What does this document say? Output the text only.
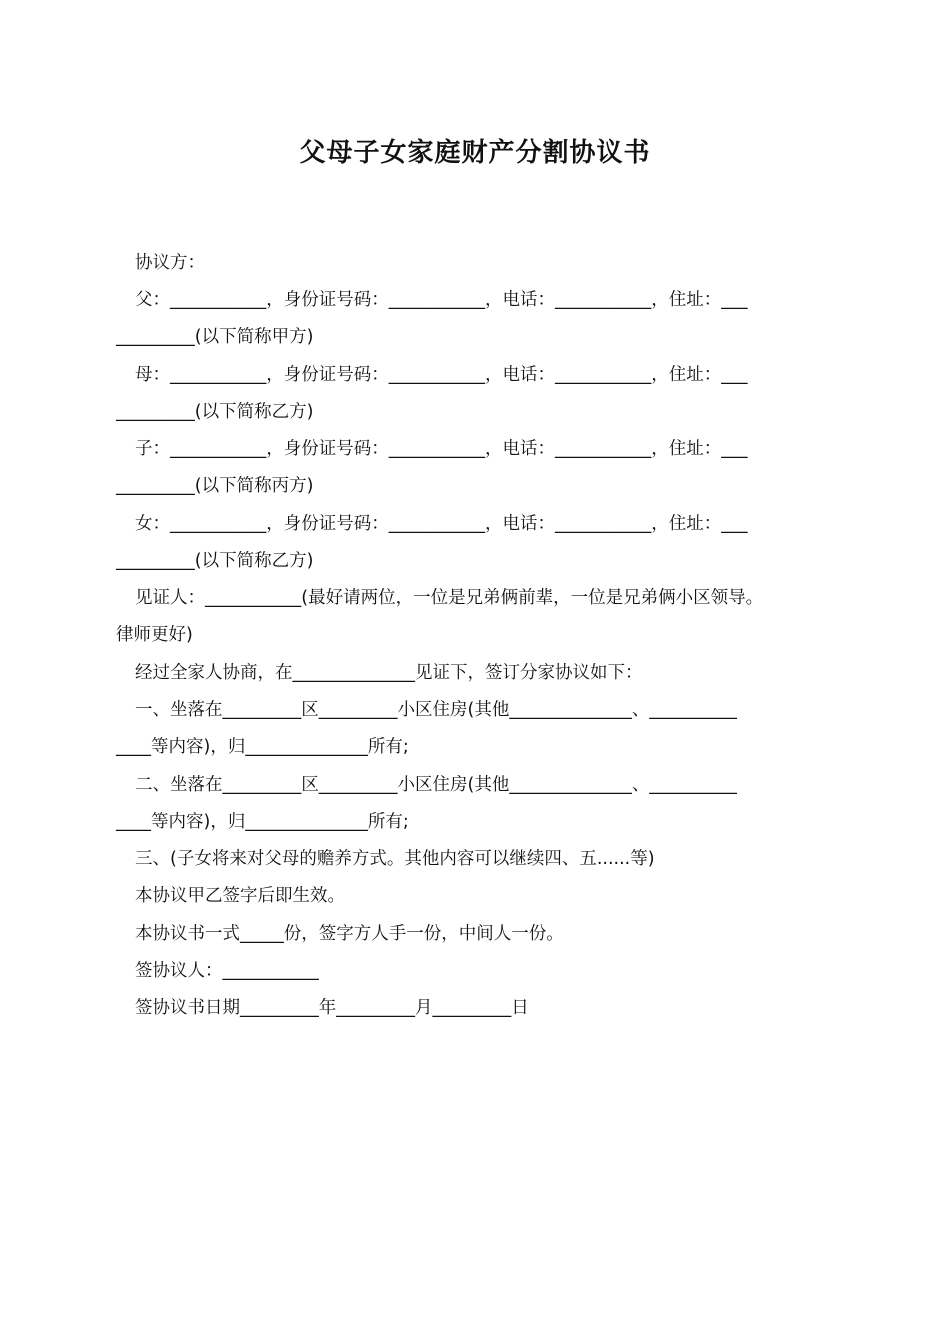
父母子女家庭财产分割协议书
协议方：
父：___________，身份证号码：___________，电话：___________，住址：___
_________(以下简称甲方)
母：___________，身份证号码：___________，电话：___________，住址：___
_________(以下简称乙方)
子：___________，身份证号码：___________，电话：___________，住址：___
_________(以下简称丙方)
女：___________，身份证号码：___________，电话：___________，住址：___
_________(以下简称乙方)
见证人：___________(最好请两位，一位是兄弟俩前辈，一位是兄弟俩小区领导。
律师更好)
经过全家人协商，在______________见证下，签订分家协议如下：
一、坐落在_________区_________小区住房(其他______________、__________
____等内容)，归______________所有;
二、坐落在_________区_________小区住房(其他______________、__________
____等内容)，归______________所有;
三、(子女将来对父母的赡养方式。其他内容可以继续四、五......等)
本协议甲乙签字后即生效。
本协议书一式_____份，签字方人手一份，中间人一份。
签协议人：___________
签协议书日期_________年_________月_________日
